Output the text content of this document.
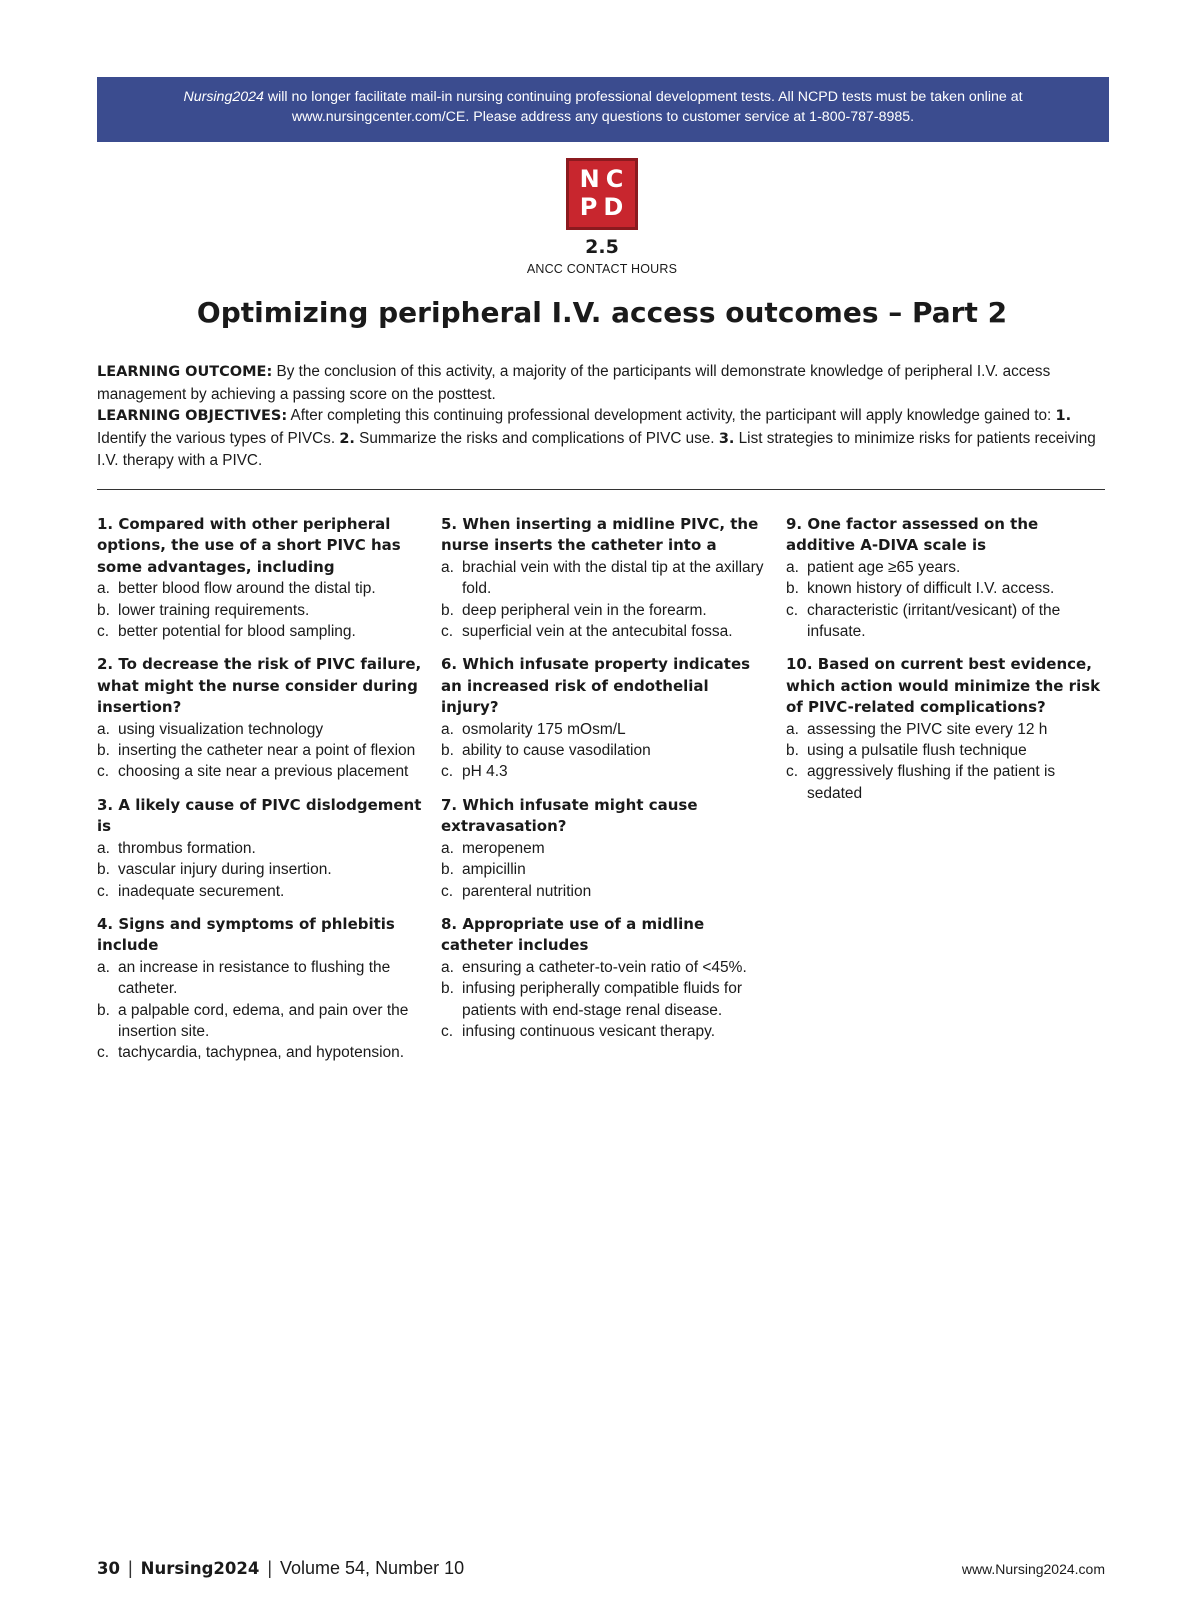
Nursing2024 will no longer facilitate mail-in nursing continuing professional development tests. All NCPD tests must be taken online at
www.nursingcenter.com/CE. Please address any questions to customer service at 1-800-787-8985.
NC
PD
2.5
ANCC CONTACT HOURS
Optimizing peripheral I.V. access outcomes – Part 2

LEARNING OUTCOME: By the conclusion of this activity, a majority of the participants will demonstrate knowledge of peripheral I.V. access management by achieving a passing score on the posttest.

LEARNING OBJECTIVES: After completing this continuing professional development activity, the participant will apply knowledge gained to: 1. Identify the various types of PIVCs. 2. Summarize the risks and complications of PIVC use. 3. List strategies to minimize risks for patients receiving I.V. therapy with a PIVC.

1. Compared with other peripheral options, the use of a short PIVC has some advantages, including

a. better blood flow around the distal tip.
b. lower training requirements.
c. better potential for blood sampling.

2. To decrease the risk of PIVC failure, what might the nurse consider during insertion?

a. using visualization technology
b. inserting the catheter near a point of flexion
c. choosing a site near a previous placement

3. A likely cause of PIVC dislodgement is

a. thrombus formation.
b. vascular injury during insertion.
c. inadequate securement.

4. Signs and symptoms of phlebitis include

a. an increase in resistance to flushing the catheter.
b. a palpable cord, edema, and pain over the insertion site.
c. tachycardia, tachypnea, and hypotension.

5. When inserting a midline PIVC, the nurse inserts the catheter into a

a. brachial vein with the distal tip at the axillary fold.
b. deep peripheral vein in the forearm.
c. superficial vein at the antecubital fossa.

6. Which infusate property indicates an increased risk of endothelial injury?

a. osmolarity 175 mOsm/L
b. ability to cause vasodilation
c. pH 4.3

7. Which infusate might cause extravasation?

a. meropenem
b. ampicillin
c. parenteral nutrition

8. Appropriate use of a midline catheter includes

a. ensuring a catheter-to-vein ratio of <45%.
b. infusing peripherally compatible fluids for patients with end-stage renal disease.
c. infusing continuous vesicant therapy.

9. One factor assessed on the additive A-DIVA scale is

a. patient age ≥65 years.
b. known history of difficult I.V. access.
c. characteristic (irritant/vesicant) of the infusate.

10. Based on current best evidence, which action would minimize the risk of PIVC-related complications?

a. assessing the PIVC site every 12 h
b. using a pulsatile flush technique
c. aggressively flushing if the patient is sedated
30 | Nursing2024 | Volume 54, Number 10	www.Nursing2024.com
